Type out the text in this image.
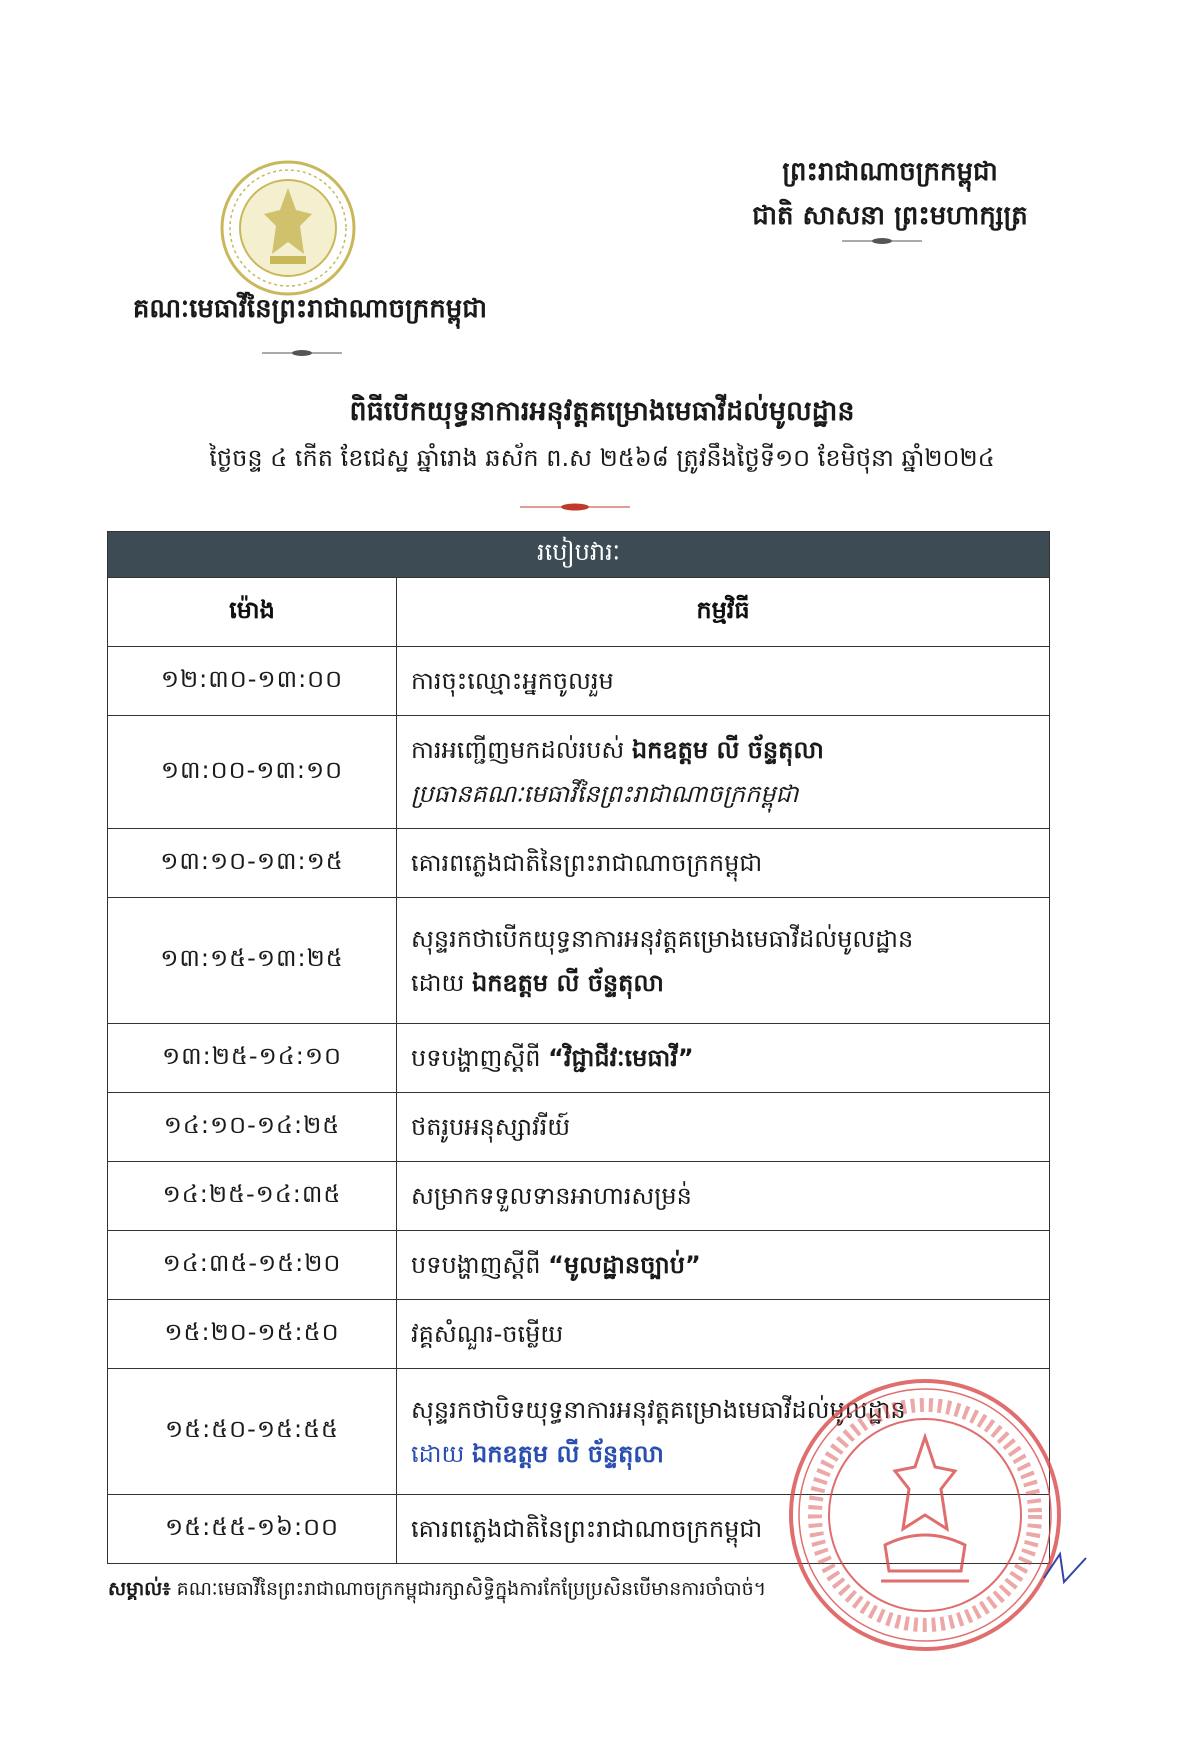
គណៈមេធាវីនៃព្រះរាជាណាចក្រកម្ពុជា
ព្រះរាជាណាចក្រកម្ពុជា
ជាតិ សាសនា ព្រះមហាក្សត្រ
ពិធីបើកយុទ្ធនាការអនុវត្តគម្រោងមេធាវីដល់មូលដ្ឋាន
ថ្ងៃចន្ទ ៤ កើត ខែជេស្ឋ ឆ្នាំរោង ឆស័ក ព.ស ២៥៦៨ ត្រូវនឹងថ្ងៃទី១០ ខែមិថុនា ឆ្នាំ២០២៤
របៀបវារៈ	
ម៉ោង	កម្មវិធី
១២:៣០-១៣:០០	ការចុះឈ្មោះអ្នកចូលរួម
១៣:០០-១៣:១០	ការអញ្ជើញមកដល់របស់ ឯកឧត្តម លី ច័ន្ទតុលា
ប្រធានគណៈមេធាវីនៃព្រះរាជាណាចក្រកម្ពុជា

១៣:១០-១៣:១៥	គោរពភ្លេងជាតិនៃព្រះរាជាណាចក្រកម្ពុជា
១៣:១៥-១៣:២៥	សុន្ទរកថាបើកយុទ្ធនាការអនុវត្តគម្រោងមេធាវីដល់មូលដ្ឋាន
ដោយ ឯកឧត្តម លី ច័ន្ទតុលា

១៣:២៥-១៤:១០	បទបង្ហាញស្តីពី “វិជ្ជាជីវៈមេធាវី”
១៤:១០-១៤:២៥	ថតរូបអនុស្សាវរីយ៍
១៤:២៥-១៤:៣៥	សម្រាកទទួលទានអាហារសម្រន់
១៤:៣៥-១៥:២០	បទបង្ហាញស្តីពី “មូលដ្ឋានច្បាប់”
១៥:២០-១៥:៥០	វគ្គសំណួរ-ចម្លើយ
១៥:៥០-១៥:៥៥	សុន្ទរកថាបិទយុទ្ធនាការអនុវត្តគម្រោងមេធាវីដល់មូលដ្ឋាន
ដោយ ឯកឧត្តម លី ច័ន្ទតុលា

១៥:៥៥-១៦:០០	គោរពភ្លេងជាតិនៃព្រះរាជាណាចក្រកម្ពុជា
សម្គាល់៖ គណៈមេធាវីនៃព្រះរាជាណាចក្រកម្ពុជារក្សាសិទ្ធិក្នុងការកែប្រែប្រសិនបើមានការចាំបាច់។
